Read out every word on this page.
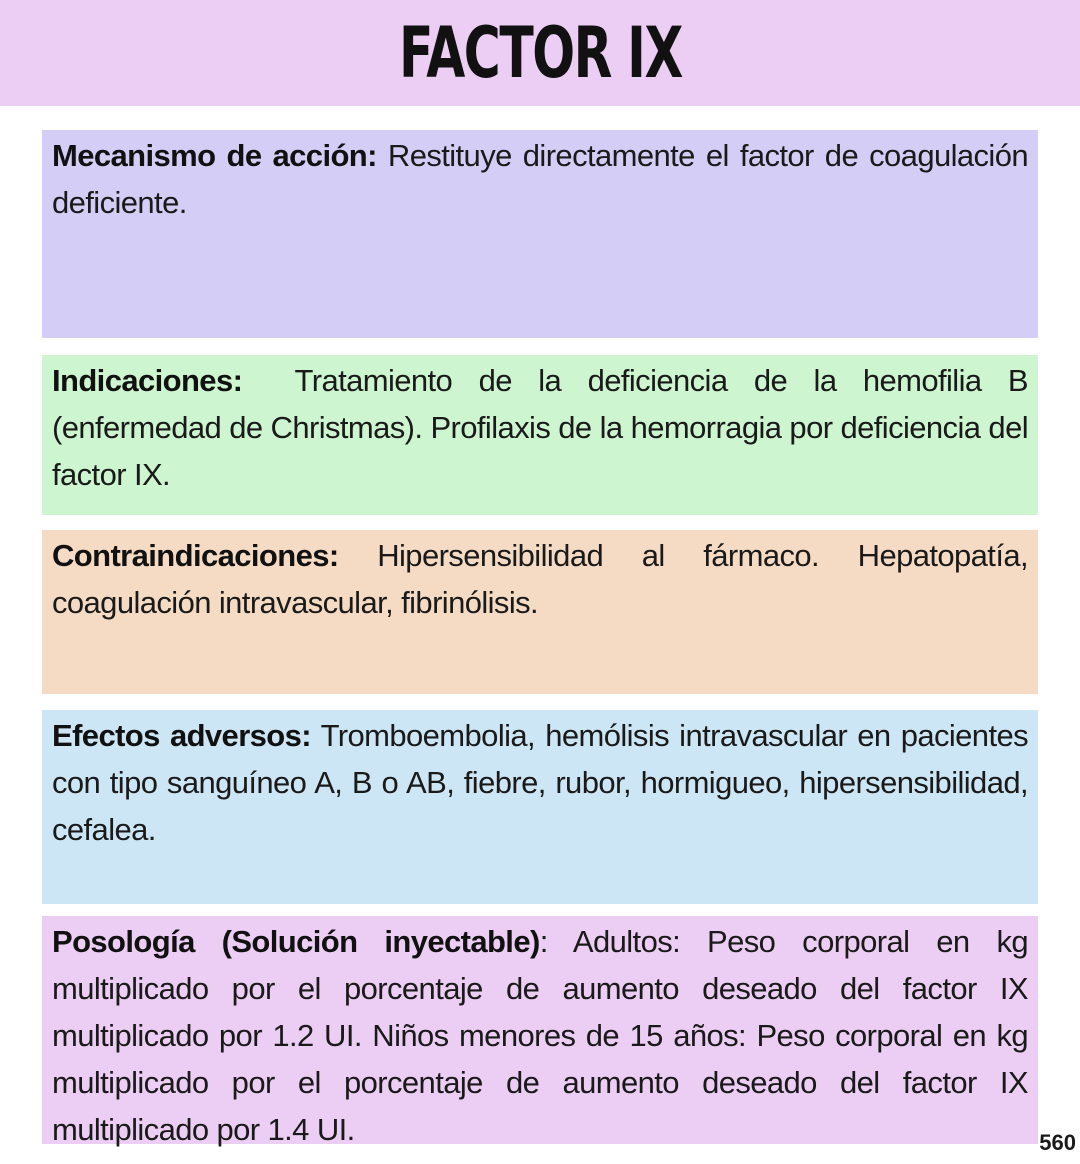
FACTOR IX
Mecanismo de acción: Restituye directamente el factor de coagulación deficiente.
Indicaciones:  Tratamiento de la deficiencia de la hemofilia B (enfermedad de Christmas). Profilaxis de la hemorragia por deficiencia del factor IX.
Contraindicaciones: Hipersensibilidad al fármaco. Hepatopatía, coagulación intravascular, fibrinólisis.
Efectos adversos: Tromboembolia, hemólisis intravascular en pacientes con tipo sanguíneo A, B o AB, fiebre, rubor, hormigueo, hipersensibilidad, cefalea.
Posología (Solución inyectable): Adultos: Peso corporal en kg multiplicado por el porcentaje de aumento deseado del factor IX multiplicado por 1.2 UI. Niños menores de 15 años: Peso corporal en kg multiplicado por el porcentaje de aumento deseado del factor IX multiplicado por 1.4 UI.	560
